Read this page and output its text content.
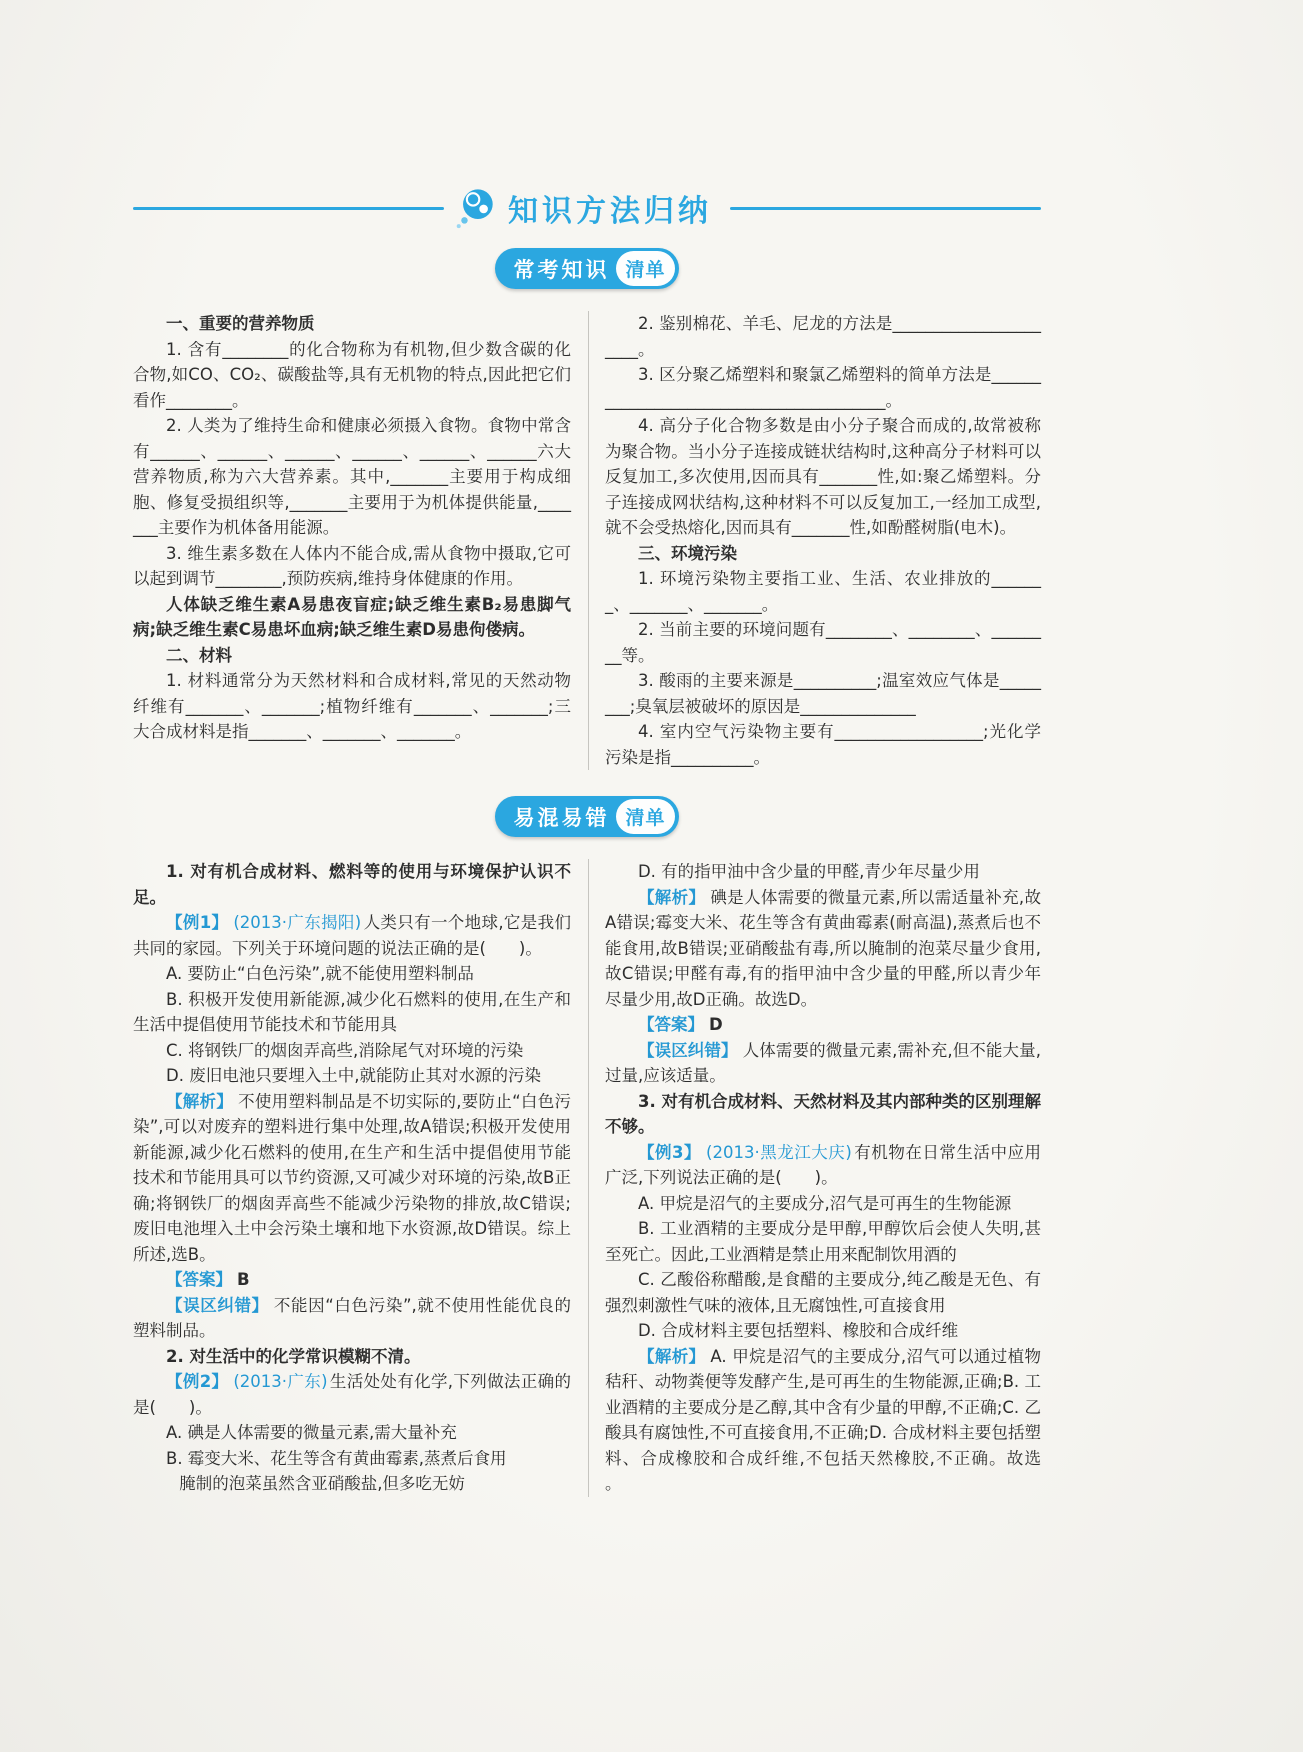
知识方法归纳
常考知识 清单

一、重要的营养物质

1. 含有________的化合物称为有机物,但少数含碳的化合物,如CO、CO₂、碳酸盐等,具有无机物的特点,因此把它们看作________。

2. 人类为了维持生命和健康必须摄入食物。食物中常含有______、______、______、______、______、______六大营养物质,称为六大营养素。其中,_______主要用于构成细胞、修复受损组织等,_______主要用于为机体提供能量,_______主要作为机体备用能源。

3. 维生素多数在人体内不能合成,需从食物中摄取,它可以起到调节________,预防疾病,维持身体健康的作用。

人体缺乏维生素A易患夜盲症;缺乏维生素B₂易患脚气病;缺乏维生素C易患坏血病;缺乏维生素D易患佝偻病。

二、材料

1. 材料通常分为天然材料和合成材料,常见的天然动物纤维有_______、_______;植物纤维有_______、_______;三大合成材料是指_______、_______、_______。

2. 鉴别棉花、羊毛、尼龙的方法是______________________。

3. 区分聚乙烯塑料和聚氯乙烯塑料的简单方法是________________________________________。

4. 高分子化合物多数是由小分子聚合而成的,故常被称为聚合物。当小分子连接成链状结构时,这种高分子材料可以反复加工,多次使用,因而具有_______性,如:聚乙烯塑料。分子连接成网状结构,这种材料不可以反复加工,一经加工成型,就不会受热熔化,因而具有_______性,如酚醛树脂(电木)。

三、环境污染

1. 环境污染物主要指工业、生活、农业排放的_______、_______、_______。

2. 当前主要的环境问题有________、________、________等。

3. 酸雨的主要来源是__________;温室效应气体是________;臭氧层被破坏的原因是______________

4. 室内空气污染物主要有__________________;光化学污染是指__________。

易混易错 清单

1. 对有机合成材料、燃料等的使用与环境保护认识不足。

【例1】 (2013·广东揭阳) 人类只有一个地球,它是我们共同的家园。下列关于环境问题的说法正确的是(　　)。

A. 要防止“白色污染”,就不能使用塑料制品

B. 积极开发使用新能源,减少化石燃料的使用,在生产和生活中提倡使用节能技术和节能用具

C. 将钢铁厂的烟囱弄高些,消除尾气对环境的污染

D. 废旧电池只要埋入土中,就能防止其对水源的污染

【解析】 不使用塑料制品是不切实际的,要防止“白色污染”,可以对废弃的塑料进行集中处理,故A错误;积极开发使用新能源,减少化石燃料的使用,在生产和生活中提倡使用节能技术和节能用具可以节约资源,又可减少对环境的污染,故B正确;将钢铁厂的烟囱弄高些不能减少污染物的排放,故C错误;废旧电池埋入土中会污染土壤和地下水资源,故D错误。综上所述,选B。

【答案】 B

【误区纠错】 不能因“白色污染”,就不使用性能优良的塑料制品。

2. 对生活中的化学常识模糊不清。

【例2】 (2013·广东) 生活处处有化学,下列做法正确的是(　　)。

A. 碘是人体需要的微量元素,需大量补充

B. 霉变大米、花生等含有黄曲霉素,蒸煮后食用

腌制的泡菜虽然含亚硝酸盐,但多吃无妨

D. 有的指甲油中含少量的甲醛,青少年尽量少用

【解析】 碘是人体需要的微量元素,所以需适量补充,故A错误;霉变大米、花生等含有黄曲霉素(耐高温),蒸煮后也不能食用,故B错误;亚硝酸盐有毒,所以腌制的泡菜尽量少食用,故C错误;甲醛有毒,有的指甲油中含少量的甲醛,所以青少年尽量少用,故D正确。故选D。

【答案】 D

【误区纠错】 人体需要的微量元素,需补充,但不能大量,过量,应该适量。

3. 对有机合成材料、天然材料及其内部种类的区别理解不够。

【例3】 (2013·黑龙江大庆) 有机物在日常生活中应用广泛,下列说法正确的是(　　)。

A. 甲烷是沼气的主要成分,沼气是可再生的生物能源

B. 工业酒精的主要成分是甲醇,甲醇饮后会使人失明,甚至死亡。因此,工业酒精是禁止用来配制饮用酒的

C. 乙酸俗称醋酸,是食醋的主要成分,纯乙酸是无色、有强烈刺激性气味的液体,且无腐蚀性,可直接食用

D. 合成材料主要包括塑料、橡胶和合成纤维

【解析】 A. 甲烷是沼气的主要成分,沼气可以通过植物秸秆、动物粪便等发酵产生,是可再生的生物能源,正确;B. 工业酒精的主要成分是乙醇,其中含有少量的甲醇,不正确;C. 乙酸具有腐蚀性,不可直接食用,不正确;D. 合成材料主要包括塑料、合成橡胶和合成纤维,不包括天然橡胶,不正确。故选　　。
